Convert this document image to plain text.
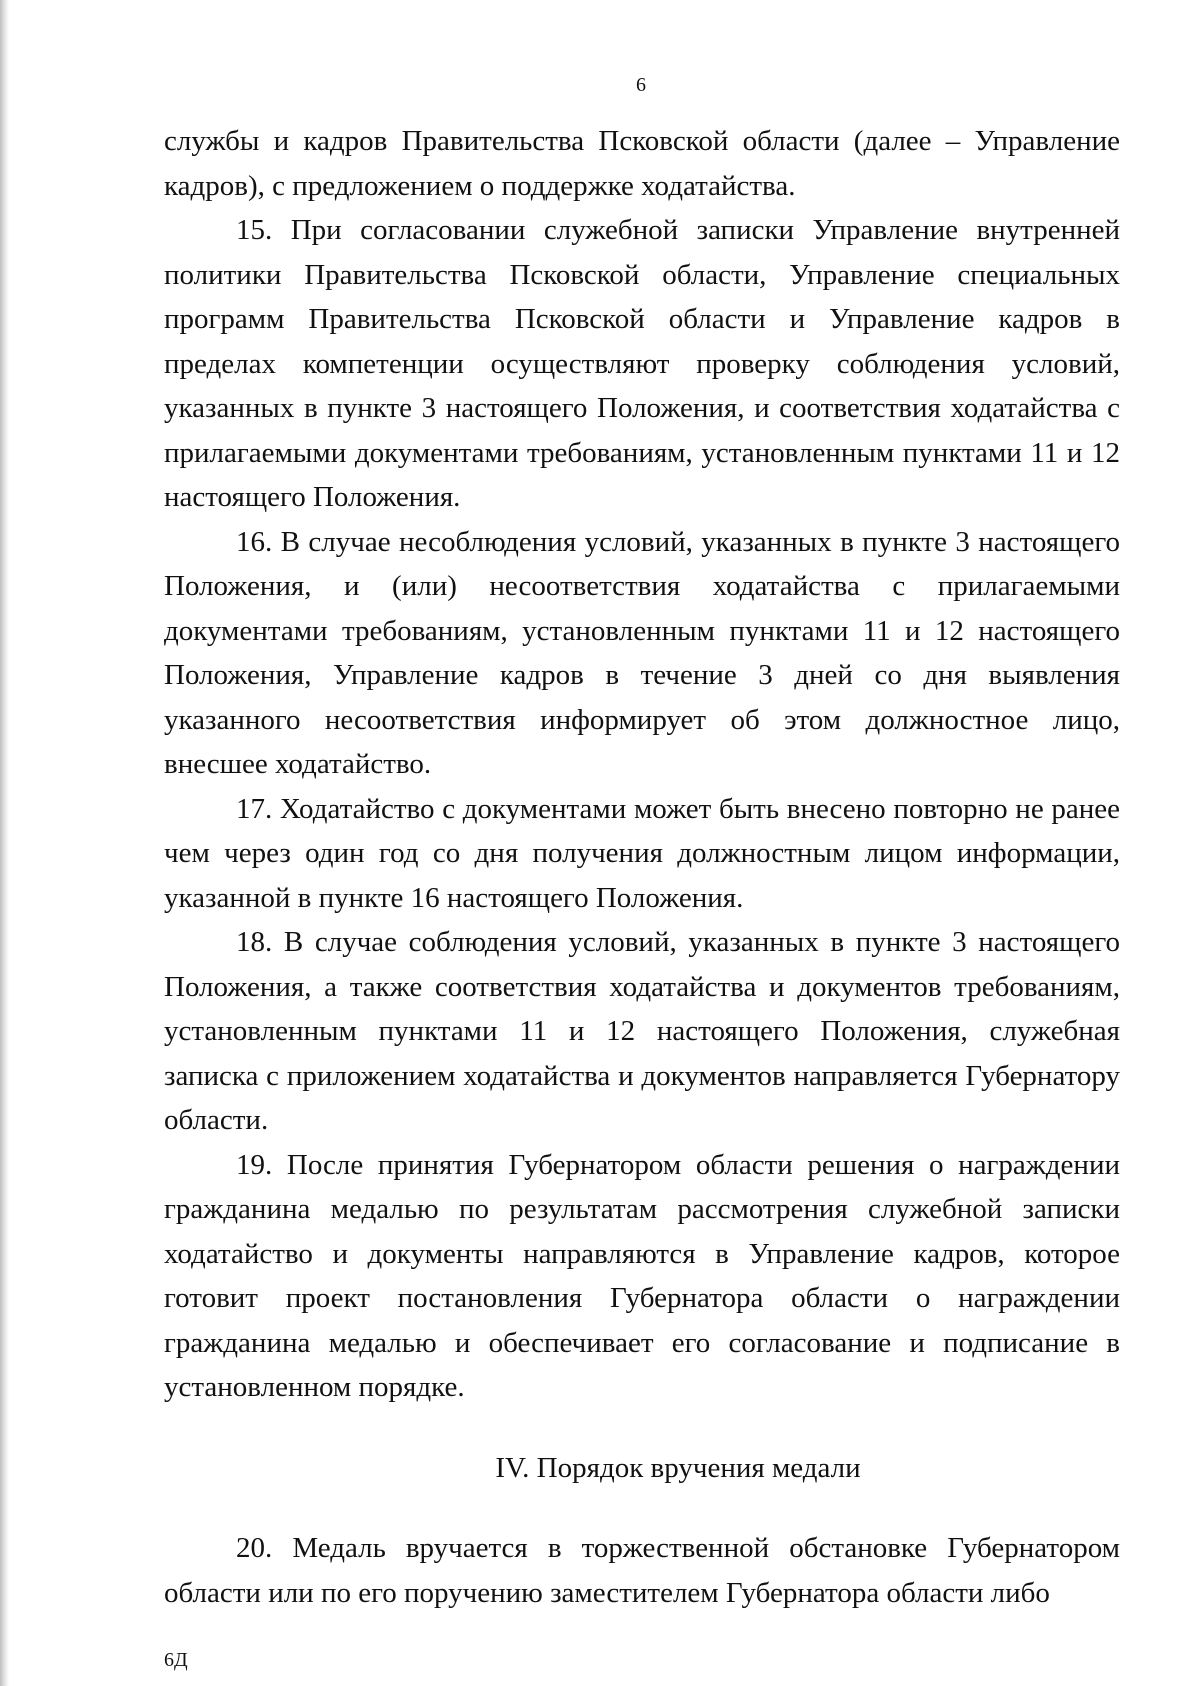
6

службы и кадров Правительства Псковской области (далее – Управление кадров), с предложением о поддержке ходатайства.

15. При согласовании служебной записки Управление внутренней политики Правительства Псковской области, Управление специальных программ Правительства Псковской области и Управление кадров в пределах компетенции осуществляют проверку соблюдения условий, указанных в пункте 3 настоящего Положения, и соответствия ходатайства с прилагаемыми документами требованиям, установленным пунктами 11 и 12 настоящего Положения.

16. В случае несоблюдения условий, указанных в пункте 3 настоящего Положения, и (или) несоответствия ходатайства с прилагаемыми документами требованиям, установленным пунктами 11 и 12 настоящего Положения, Управление кадров в течение 3 дней со дня выявления указанного несоответствия информирует об этом должностное лицо, внесшее ходатайство.

17. Ходатайство с документами может быть внесено повторно не ранее чем через один год со дня получения должностным лицом информации, указанной в пункте 16 настоящего Положения.

18. В случае соблюдения условий, указанных в пункте 3 настоящего Положения, а также соответствия ходатайства и документов требованиям, установленным пунктами 11 и 12 настоящего Положения, служебная записка с приложением ходатайства и документов направляется Губернатору области.

19. После принятия Губернатором области решения о награждении гражданина медалью по результатам рассмотрения служебной записки ходатайство и документы направляются в Управление кадров, которое готовит проект постановления Губернатора области о награждении гражданина медалью и обеспечивает его согласование и подписание в установленном порядке.

IV. Порядок вручения медали

20. Медаль вручается в торжественной обстановке Губернатором области или по его поручению заместителем Губернатора области либо

6Д
